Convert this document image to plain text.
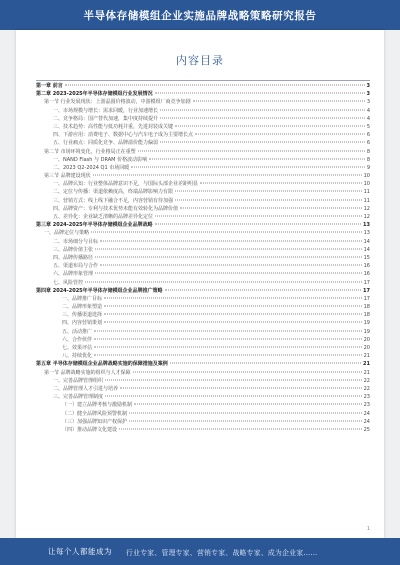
半导体存储模组企业实施品牌战略策略研究报告
内容目录
第一章 前言	3
第二章 2023-2025年半导体存储模组行业发展情况	3
第一节 行业发展现状：上游晶圆价格波动，中游模组厂商竞争加剧	3
一、市场规模与增长：需求回暖，行业加速增长	4
二、竞争格局：国产替代加速，集中度持续提升	4
三、技术趋势：高性能与低功耗并重，先进封装成关键	5
四、下游应用：消费电子、数据中心与汽车电子成为主要增长点	6
五、行业痛点：同质化竞争、品牌溢价能力偏弱	6
第二节 市场环境变化，行业格局正在重塑	8
一、NAND Flash 与 DRAM 价格波动影响	8
二、2023 Q2-2024 Q1 市场回暖	9
第三节 品牌建设现状	10
一、品牌认知：行业整体品牌意识不足，与国际头部企业差距明显	10
二、定位与传播：渠道依赖度高，终端品牌影响力有限	11
三、营销方式：线上线下融合不足，内容营销有待加强	11
四、品牌资产：专利与技术优势未能有效转化为品牌价值	12
五、差异化：企业缺乏清晰的品牌差异化定位	12
第三章 2024-2025年半导体存储模组企业品牌战略	13
一、品牌定位与策略	13
二、市场细分与目标	14
三、品牌价值主张	14
四、品牌传播路径	15
五、渠道布局与合作	16
六、品牌形象管理	16
七、风险管控	17
第四章 2024-2025年半导体存储模组企业品牌推广策略	17
一、品牌推广目标	17
二、品牌形象塑造	18
三、传播渠道选择	18
四、内容营销策划	19
五、活动推广	19
六、合作伙伴	20
七、效果评估	20
八、持续优化	21
第五章 半导体存储模组企业品牌战略实施的保障措施及案例	21
第一节 品牌战略实施的组织与人才保障	21
一、完善品牌管理组织	22
二、品牌管理人才引进与培养	22
三、完善品牌管理制度	23
（一）建立品牌考核与激励机制	23
（二）健全品牌风险预警机制	24
（三）加强品牌知识产权保护	24
（四）推动品牌文化建设	25
1
让每个人都能成为	行业专家、管理专家、营销专家、战略专家、成为企业家……
